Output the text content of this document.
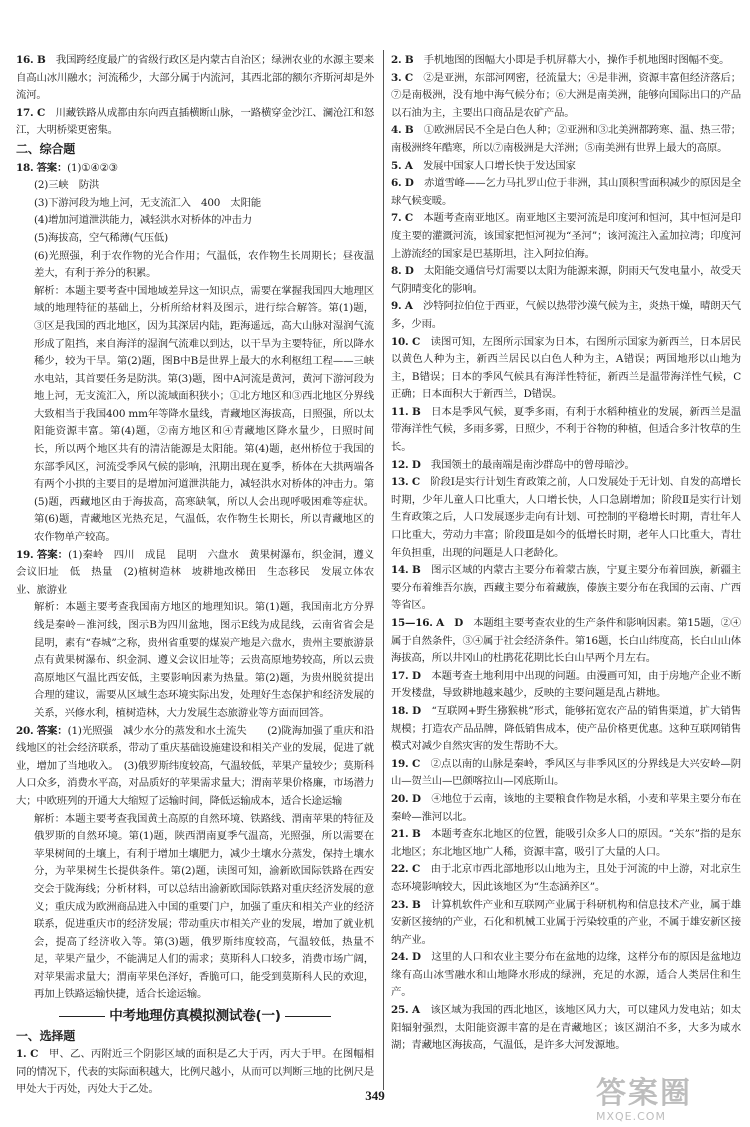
16. B　 我国跨经度最广的省级行政区是内蒙古自治区；绿洲农业的水源主要来自高山冰川融水；河流稀少，大部分属于内流河，其西北部的额尔齐斯河却是外流河。

17. C　 川藏铁路从成都由东向西直插横断山脉，一路横穿金沙江、澜沧江和怒江，大明桥梁更密集。

二、综合题

18. 答案：(1)①④②③

(2)三峡　防洪

(3)下游河段为地上河，无支流汇入　400　太阳能

(4)增加河道泄洪能力，减轻洪水对桥体的冲击力

(5)海拔高，空气稀薄(气压低)

(6)光照强，利于农作物的光合作用；气温低，农作物生长周期长；昼夜温差大，有利于养分的积累。

解析：本题主要考查中国地域差异这一知识点，需要在掌握我国四大地理区域的地理特征的基础上，分析所给材料及图示，进行综合解答。第(1)题，③区是我国的西北地区，因为其深居内陆，距海遥远，高大山脉对湿润气流形成了阻挡，来自海洋的湿润气流难以到达，以干旱为主要特征，所以降水稀少，较为干旱。第(2)题，图B中B是世界上最大的水利枢纽工程——三峡水电站，其首要任务是防洪。第(3)题，图中A河流是黄河，黄河下游河段为地上河，无支流汇入，所以流域面积狭小；①北方地区和③西北地区分界线大致相当于我国400 mm年等降水量线，青藏地区海拔高，日照强，所以太阳能资源丰富。第(4)题，②南方地区和④青藏地区降水量少，日照时间长，所以两个地区共有的清洁能源是太阳能。第(4)题，赵州桥位于我国的东部季风区，河流受季风气候的影响，汛期出现在夏季，桥体在大拱两端各有两个小拱的主要目的是增加河道泄洪能力，减轻洪水对桥体的冲击力。第(5)题，西藏地区由于海拔高，高寒缺氧，所以人会出现呼吸困难等症状。第(6)题，青藏地区光热充足，气温低，农作物生长期长，所以青藏地区的农作物单产较高。

19. 答案：(1)秦岭　四川　成昆　昆明　六盘水　黄果树瀑布，织金洞，遵义会议旧址　低　热量　(2)植树造林　坡耕地改梯田　生态移民　发展立体农业、旅游业

解析：本题主要考查我国南方地区的地理知识。第(1)题，我国南北方分界线是秦岭－淮河线，图示B为四川盆地，图示E线为成昆线，云南省省会是昆明，素有“春城”之称，贵州省重要的煤炭产地是六盘水，贵州主要旅游景点有黄果树瀑布、织金洞、遵义会议旧址等；云贵高原地势较高，所以云贵高原地区气温比西安低，主要影响因素为热量。第(2)题，为贵州脱贫提出合理的建议，需要从区域生态环境实际出发，处理好生态保护和经济发展的关系，兴修水利，植树造林，大力发展生态旅游业等方面而回答。

20. 答案：(1)光照强　减少水分的蒸发和水土流失　　(2)陇海加强了重庆和沿线地区的社会经济联系，带动了重庆基础设施建设和相关产业的发展，促进了就业，增加了当地收入。　(3)俄罗斯纬度较高，气温较低，苹果产量较少；莫斯科人口众多，消费水平高，对品质好的苹果需求量大；渭南苹果价格廉，市场潜力大；中欧班列的开通大大缩短了运输时间，降低运输成本，适合长途运输

解析：本题主要考查我国黄土高原的自然环境、铁路线、渭南苹果的特征及俄罗斯的自然环境。第(1)题，陕西渭南夏季气温高，光照强，所以需要在苹果树间的土壤上，有利于增加土壤肥力，减少土壤水分蒸发，保持土壤水分，为苹果树生长提供条件。第(2)题，读图可知，渝新欧国际铁路在西安交会于陇海线；分析材料，可以总结出渝新欧国际铁路对重庆经济发展的意义；重庆成为欧洲商品进入中国的重要门户，加强了重庆和相关产业的经济联系，促进重庆市的经济发展；带动重庆市相关产业的发展，增加了就业机会，提高了经济收入等。第(3)题，俄罗斯纬度较高，气温较低，热量不足，苹果产量少，不能满足人们的需求；莫斯科人口较多，消费市场广阔，对苹果需求量大；渭南苹果色泽好，香脆可口，能受到莫斯科人民的欢迎，再加上铁路运输快捷，适合长途运输。

中考地理仿真模拟测试卷(一)
一、选择题

1. C　 甲、乙、丙附近三个阴影区域的面积是乙大于丙，丙大于甲。在图幅相同的情况下，代表的实际面积越大，比例尺越小，从而可以判断三地的比例尺是甲处大于丙处，丙处大于乙处。

2. B　 手机地图的图幅大小即是手机屏幕大小，操作手机地图时图幅不变。

3. C　 ②是亚洲，东部河网密，径流量大；④是非洲，资源丰富但经济落后；⑦是南极洲，没有地中海气候分布；⑥大洲是南美洲，能够向国际出口的产品以石油为主，主要出口商品是农矿产品。

4. B　 ①欧洲居民不全是白色人种；②亚洲和③北美洲都跨寒、温、热三带；南极洲终年酷寒，所以⑦南极洲是大洋洲；⑤南美洲有世界上最大的高原。

5. A　 发展中国家人口增长快于发达国家

6. D　 赤道雪峰——乞力马扎罗山位于非洲，其山顶积雪面积减少的原因是全球气候变暖。

7. C　 本题考查南亚地区。南亚地区主要河流是印度河和恒河，其中恒河是印度主要的灌溉河流，该国家把恒河视为“圣河”；该河流注入孟加拉湾；印度河上游流经的国家是巴基斯坦，注入阿拉伯海。

8. D　 太阳能交通信号灯需要以太阳为能源来源，阴雨天气发电量小，故受天气阴晴变化的影响。

9. A　 沙特阿拉伯位于西亚，气候以热带沙漠气候为主，炎热干燥，晴朗天气多，少雨。

10. C　 读图可知，左图所示国家为日本，右图所示国家为新西兰，日本居民以黄色人种为主，新西兰居民以白色人种为主，A错误；两国地形以山地为主，B错误；日本的季风气候具有海洋性特征，新西兰是温带海洋性气候，C正确；日本面积大于新西兰，D错误。

11. B　 日本是季风气候，夏季多雨，有利于水稻种植业的发展，新西兰是温带海洋性气候，多雨多雾，日照少，不利于谷物的种植，但适合多汁牧草的生长。

12. D　 我国领土的最南端是南沙群岛中的曾母暗沙。

13. C　 阶段Ⅰ是实行计划生育政策之前，人口发展处于无计划、自发的高增长时期，少年儿童人口比重大，人口增长快，人口急剧增加；阶段Ⅱ是实行计划生育政策之后，人口发展逐步走向有计划、可控制的平稳增长时期，青壮年人口比重大，劳动力丰富；阶段Ⅲ是如今的低增长时期，老年人口比重大，青壮年负担重，出现的问题是人口老龄化。

14. B　 图示区域的内蒙古主要分布着蒙古族，宁夏主要分布着回族，新疆主要分布着维吾尔族，西藏主要分布着藏族，傣族主要分布在我国的云南、广西等省区。

15—16. A　D　 本题组主要考查农业的生产条件和影响因素。第15题，②④属于自然条件，③④属于社会经济条件。第16题，长白山纬度高，长白山山体海拔高，所以井冈山的杜鹃花花期比长白山早两个月左右。

17. D　 本题考查土地利用中出现的问题。由漫画可知，由于房地产企业不断开发楼盘，导致耕地越来越少，反映的主要问题是乱占耕地。

18. D　 “互联网+野生猕猴桃”形式，能够拓宽农产品的销售渠道，扩大销售规模；打造农产品品牌，降低销售成本，使产品价格更优惠。这种互联网销售模式对减少自然灾害的发生帮助不大。

19. C　 ②点以南的山脉是秦岭，季风区与非季风区的分界线是大兴安岭—阴山—贺兰山—巴颜喀拉山—冈底斯山。

20. D　 ④地位于云南，该地的主要粮食作物是水稻，小麦和苹果主要分布在秦岭—淮河以北。

21. B　 本题考查东北地区的位置，能吸引众多人口的原因。“关东”指的是东北地区；东北地区地广人稀，资源丰富，吸引了大量的人口。

22. C　 由于北京市西北部地形以山地为主，且处于河流的中上游，对北京生态环境影响较大，因此该地区为“生态涵养区”。

23. B　 计算机软件产业和互联网产业属于科研机构和信息技术产业，属于雄安新区接纳的产业，石化和机械工业属于污染较重的产业，不属于雄安新区接纳产业。

24. D　 这里的人口和农业主要分布在盆地的边缘，这样分布的原因是盆地边缘有高山冰雪融水和山地降水形成的绿洲，充足的水源，适合人类居住和生产。

25. A　 该区域为我国的西北地区，该地区风力大，可以建风力发电站；如太阳辐射强烈，太阳能资源丰富的是在青藏地区；该区湖泊不多，大多为咸水湖；青藏地区海拔高，气温低，是许多大河发源地。

349	答案圈
MXQE.COM
